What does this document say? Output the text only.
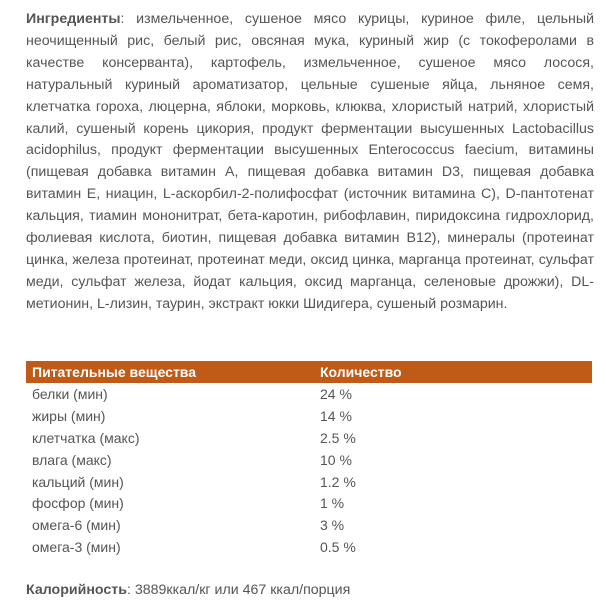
Ингредиенты: измельченное, сушеное мясо курицы, куриное филе, цельный неочищенный рис, белый рис, овсяная мука, куриный жир (с токоферолами в качестве консерванта), картофель, измельченное, сушеное мясо лосося, натуральный куриный ароматизатор, цельные сушеные яйца, льняное семя, клетчатка гороха, люцерна, яблоки, морковь, клюква, хлористый натрий, хлористый калий, сушеный корень цикория, продукт ферментации высушенных Lactobacillus acidophilus, продукт ферментации высушенных Enterococcus faecium, витамины (пищевая добавка витамин А, пищевая добавка витамин D3, пищевая добавка витамин Е, ниацин, L-аскорбил-2-полифосфат (источник витамина С), D-пантотенат кальция, тиамин мононитрат, бета-каротин, рибофлавин, пиридоксина гидрохлорид, фолиевая кислота, биотин, пищевая добавка витамин В12), минералы (протеинат цинка, железа протеинат, протеинат меди, оксид цинка, марганца протеинат, сульфат меди, сульфат железа, йодат кальция, оксид марганца, селеновые дрожжи), DL-метионин, L-лизин, таурин, экстракт юкки Шидигера, сушеный розмарин.

Питательные вещества	Количество
белки (мин)	24 %
жиры (мин)	14 %
клетчатка (макс)	2.5 %
влага (макс)	10 %
кальций (мин)	1.2 %
фосфор (мин)	1 %
омега-6 (мин)	3 %
омега-3 (мин)	0.5 %

Калорийность: 3889ккал/кг или 467 ккал/порция
